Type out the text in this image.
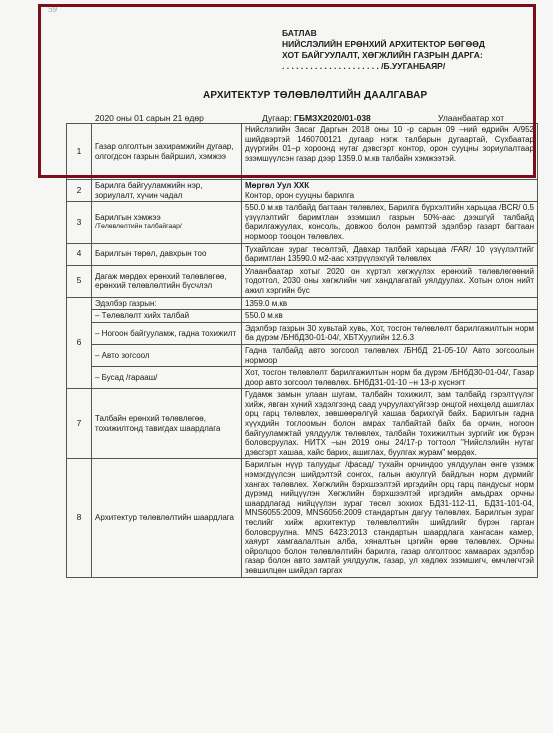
59
БАТЛАВ
НИЙСЛЭЛИЙН ЕРӨНХИЙ АРХИТЕКТОР БӨГӨӨД
ХОТ БАЙГУУЛАЛТ, ХӨГЖЛИЙН ГАЗРЫН ДАРГА:
. . . . . . . . . . . . . . . . . . . . . /Б.УУГАНБАЯР/
АРХИТЕКТУР ТӨЛӨВЛӨЛТИЙН ДААЛГАВАР
2020 оны 01 сарын 21 өдөр	Дугаар: ГБМЗХ2020/01-038	Улаанбаатар хот
1	Газар олголтын захирамжийн дугаар, олгогдсон газрын байршил, хэмжээ	Нийслэлийн Засаг Даргын 2018 оны 10 -р сарын 09 –ний өдрийн А/952 шийдвэртэй 1460700121 дугаар нэгж талбарын дугаартай, Сүхбаатар дүүргийн 01–р хороонд нутаг дэвсгэрт контор, орон сууцны зориулалтаар эзэмшүүлсэн газар дээр 1359.0 м.кв талбайн хэмжээтэй.
2	Барилга байгууламжийн нэр, зориулалт, хүчин чадал	Мөргөл Уул ХХК
Контор, орон сууцны барилга

3	Барилгын хэмжээ
/Төлөвлөлтийн талбайгаар/	550.0 м.кв талбайд багтаан төлөвлөх, Барилга бүрхэлтийн харьцаа /BCR/ 0.5 үзүүлэлтийг баримтлан эзэмшил газрын 50%-аас дээшгүй талбайд барилгажуулах, консоль, довжоо болон рамптэй эдэлбэр газарт багтаан нормоор тооцон төлөвлөх.
4	Барилгын төрөл, давхрын тоо	Тухайлсан зураг төсөлтэй, Давхар талбай харьцаа /FAR/ 10 үзүүлэлтийг баримтлан 13590.0 м2-аас хэтрүүлэхгүй төлөвлөх
5	Дагаж мөрдөх ерөнхий төлөвлөгөө, ерөнхий төлөвлөлтийн бүсчлэл	Улаанбаатар хотыг 2020 он хүртэл хөгжүүлэх ерөнхий төлөвлөгөөний тодотгол, 2030 оны хөгжлийн чиг хандлагатай уялдуулах. Хотын олон нийт ажил хэргийн бүс
6	Эдэлбэр газрын:	1359.0 м.кв
	– Төлөвлөлт хийх талбай	550.0 м.кв
	– Ногоон байгууламж, гадна тохижилт	Эдэлбэр газрын 30 хувьтай хувь, Хот, тосгон төлөвлөлт барилгажилтын норм ба дүрэм /БНбДЗ0-01-04/, ХБТХуулийн 12.6.3
	– Авто зогсоол	Гадна талбайд авто зогсоол төлөвлөх /БНбД 21-05-10/ Авто зогсоолын нормоор
	– Бусад /гарааш/	Хот, тосгон төлөвлөлт барилгажилтын норм ба дүрэм /БНбДЗ0-01-04/, Газар доор авто зогсоол төлөвлөх. БНбДЗ1-01-10 –н 13-р хүснэгт
7	Талбайн ерөнхий төлөвлөгөө, тохижилтонд тавигдах шаардлага	Гудамж замын улаан шугам, талбайн тохижилт, зам талбайд гэрэлтүүлэг хийж, явган хүний хэдэлгээнд саад учруулахгүйгээр онцгой нөхцөлд ашиглах орц гарц төлөвлөх, зөвшөөрөлгүй хашаа барихгүй байх. Барилгын гадна хүүхдийн тоглоомын болон амрах талбайтай байх ба орчин, ногоон байгууламжтай уялдуулж төлөвлөх, талбайн тохижилтын зургийг иж бүрэн боловсруулах. НИТХ –ын 2019 оны 24/17-р тогтоол "Нийслэлийн нутаг дэвсгэрт хашаа, хайс барих, ашиглах, буулгах журам" мөрдөх.
8	Архитектур төлөвлөлтийн шаардлага	Барилгын нүүр талуудыг /фасад/ тухайн орчиндоо уялдуулан өнгө үзэмж нэмэгдүүлсэн шийдэлтэй сонгох, галын аюулгүй байдлын норм дүрмийг хангах төлөвлөх. Хөгжлийн бэрхшээлтэй иргэдийн орц гарц пандусыг норм дүрэмд нийцүүлэн Хөгжлийн бэрхшээлтэй иргэдийн амьдрах орчны шаардлагад нийцүүлэн зураг төсөл зохиох БД31-112-11, БД31-101-04, MNS6055:2009, MNS6056:2009 стандартын дагуу төлөвлөх. Барилгын зураг төслийг хийж архитектур төлөвлөлтийн шийдлийг бүрэн гарган боловсруулна. MNS 6423:2013 стандартын шаардлага хангасан камер, хаяурт хамгаалалтын алба, хяналтын цэгийн өрөө төлөвлөх. Орчны ойролцоо болон төлөвлөлтийн барилга, газар олголтоос хамаарах эдэлбэр газар болон авто замтай уялдуулж, газар, ул хөдлөх эзэмшигч, өмчлөгчтэй зөвшилцөн шийдэл гаргах
